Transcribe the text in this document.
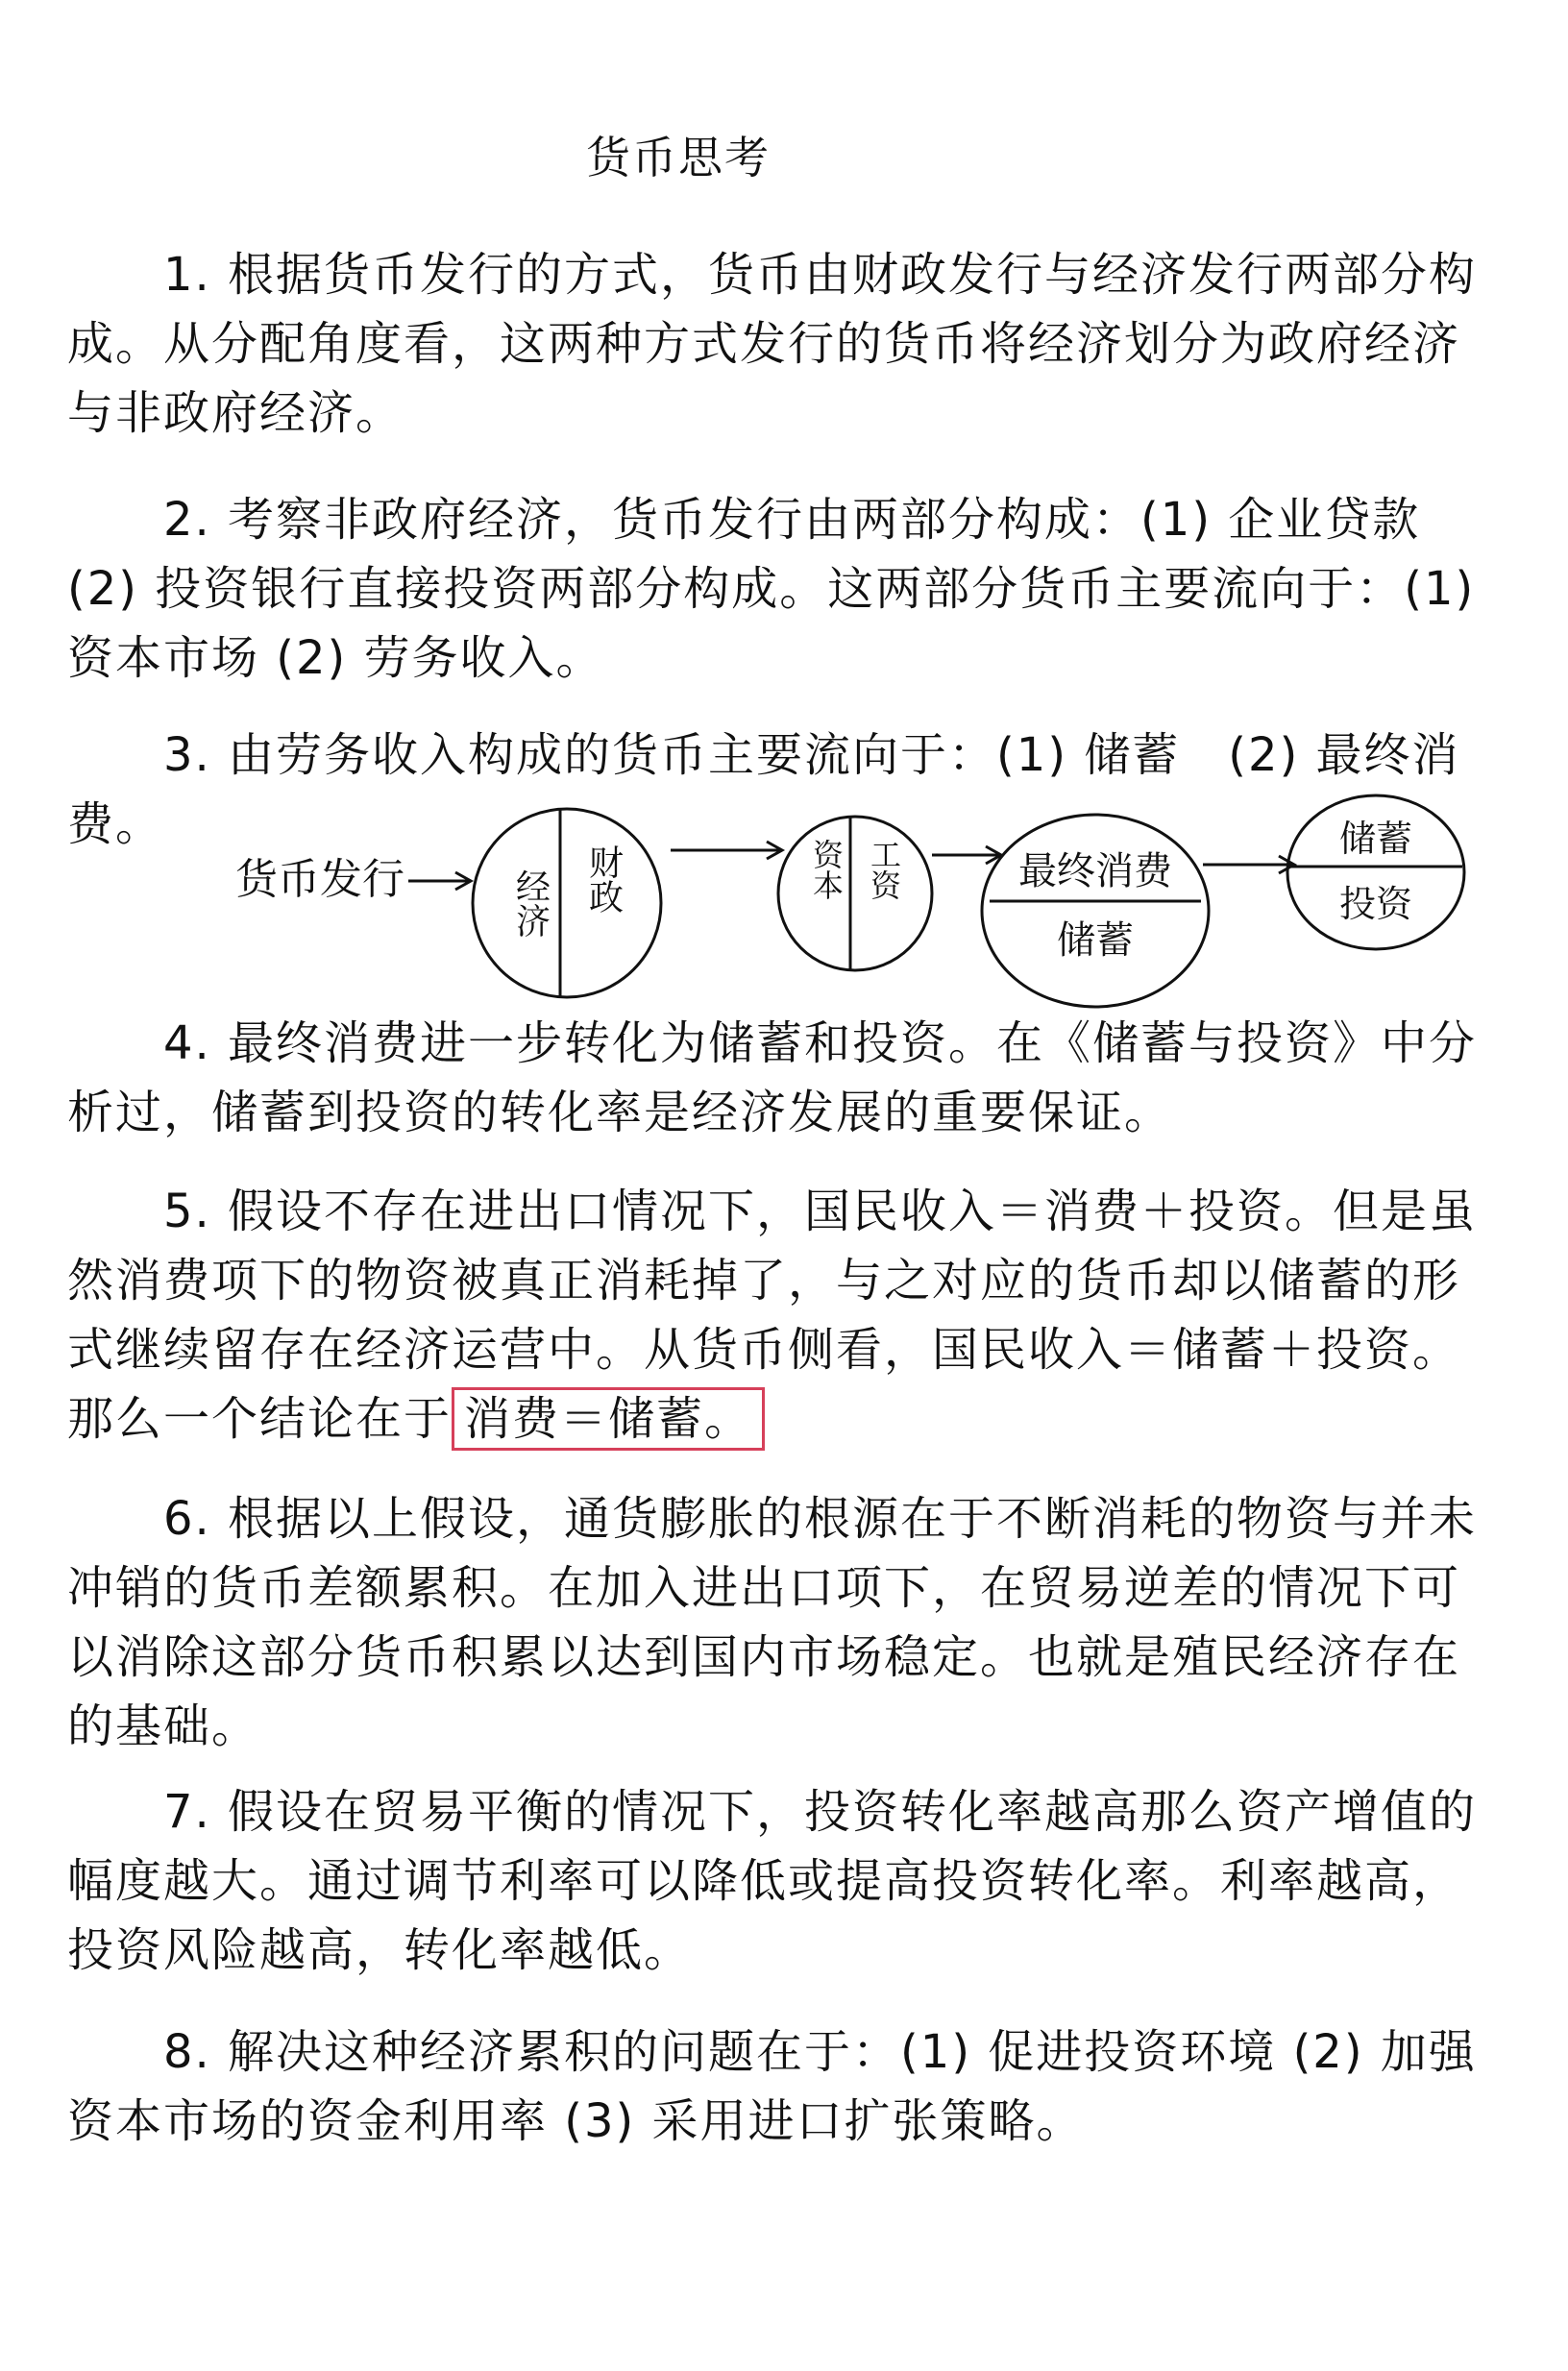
货币思考
1. 根据货币发行的方式，货币由财政发行与经济发行两部分构成。从分配角度看，这两种方式发行的货币将经济划分为政府经济与非政府经济。
2. 考察非政府经济，货币发行由两部分构成：(1) 企业贷款 (2) 投资银行直接投资两部分构成。这两部分货币主要流向于：(1) 资本市场 (2) 劳务收入。
3. 由劳务收入构成的货币主要流向于：(1) 储蓄　(2) 最终消费。
货币发行	经济 财政	资本 工资	最终消费
储蓄
储蓄
投资
4. 最终消费进一步转化为储蓄和投资。在《储蓄与投资》中分析过，储蓄到投资的转化率是经济发展的重要保证。
5. 假设不存在进出口情况下，国民收入＝消费＋投资。但是虽然消费项下的物资被真正消耗掉了，与之对应的货币却以储蓄的形式继续留存在经济运营中。从货币侧看，国民收入＝储蓄＋投资。那么一个结论在于 消费＝储蓄。
6. 根据以上假设，通货膨胀的根源在于不断消耗的物资与并未冲销的货币差额累积。在加入进出口项下，在贸易逆差的情况下可以消除这部分货币积累以达到国内市场稳定。也就是殖民经济存在的基础。
7. 假设在贸易平衡的情况下，投资转化率越高那么资产增值的幅度越大。通过调节利率可以降低或提高投资转化率。利率越高，投资风险越高，转化率越低。
8. 解决这种经济累积的问题在于：(1) 促进投资环境 (2) 加强资本市场的资金利用率 (3) 采用进口扩张策略。
